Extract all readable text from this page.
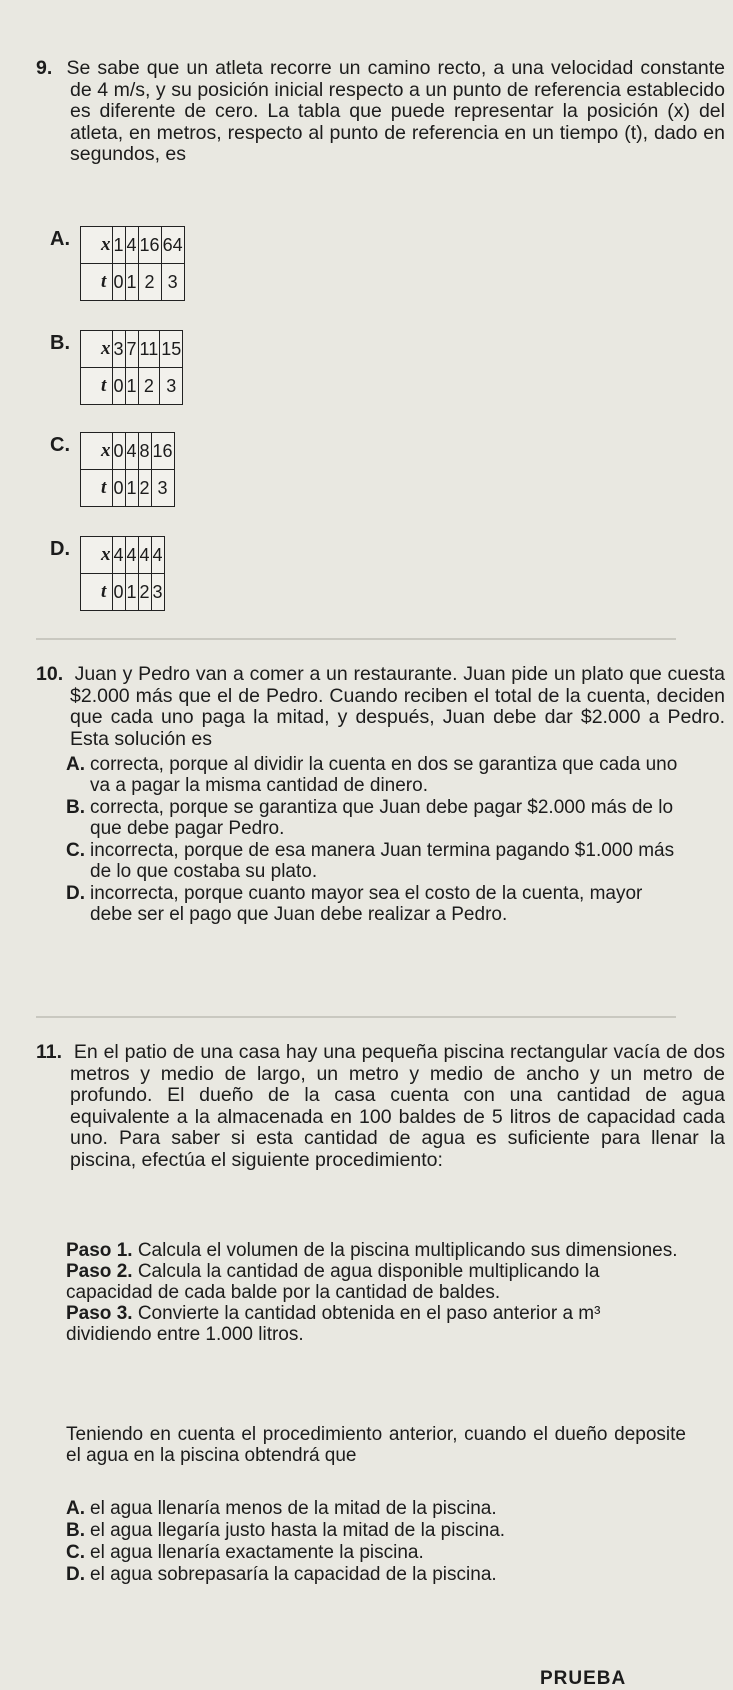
9. Se sabe que un atleta recorre un camino recto, a una velocidad constante de 4 m/s, y su posición inicial respecto a un punto de referencia establecido es diferente de cero. La tabla que puede representar la posición (x) del atleta, en metros, respecto al punto de referencia en un tiempo (t), dado en segundos, es
A. x	1	4	16	64
t	0	1	2	3
B. x	3	7	11	15
t	0	1	2	3
C. x	0	4	8	16
t	0	1	2	3
D. x	4	4	4	4
t	0	1	2	3
10. Juan y Pedro van a comer a un restaurante. Juan pide un plato que cuesta $2.000 más que el de Pedro. Cuando reciben el total de la cuenta, deciden que cada uno paga la mitad, y después, Juan debe dar $2.000 a Pedro. Esta solución es
A. correcta, porque al dividir la cuenta en dos se garantiza que cada uno va a pagar la misma cantidad de dinero.
B. correcta, porque se garantiza que Juan debe pagar $2.000 más de lo que debe pagar Pedro.
C. incorrecta, porque de esa manera Juan termina pagando $1.000 más de lo que costaba su plato.
D. incorrecta, porque cuanto mayor sea el costo de la cuenta, mayor debe ser el pago que Juan debe realizar a Pedro.
11. En el patio de una casa hay una pequeña piscina rectangular vacía de dos metros y medio de largo, un metro y medio de ancho y un metro de profundo. El dueño de la casa cuenta con una cantidad de agua equivalente a la almacenada en 100 baldes de 5 litros de capacidad cada uno. Para saber si esta cantidad de agua es suficiente para llenar la piscina, efectúa el siguiente procedimiento:
Paso 1. Calcula el volumen de la piscina multiplicando sus dimensiones.
Paso 2. Calcula la cantidad de agua disponible multiplicando la capacidad de cada balde por la cantidad de baldes.
Paso 3. Convierte la cantidad obtenida en el paso anterior a m³ dividiendo entre 1.000 litros.
Teniendo en cuenta el procedimiento anterior, cuando el dueño deposite el agua en la piscina obtendrá que
A. el agua llenaría menos de la mitad de la piscina.
B. el agua llegaría justo hasta la mitad de la piscina.
C. el agua llenaría exactamente la piscina.
D. el agua sobrepasaría la capacidad de la piscina.
PRUEBA
